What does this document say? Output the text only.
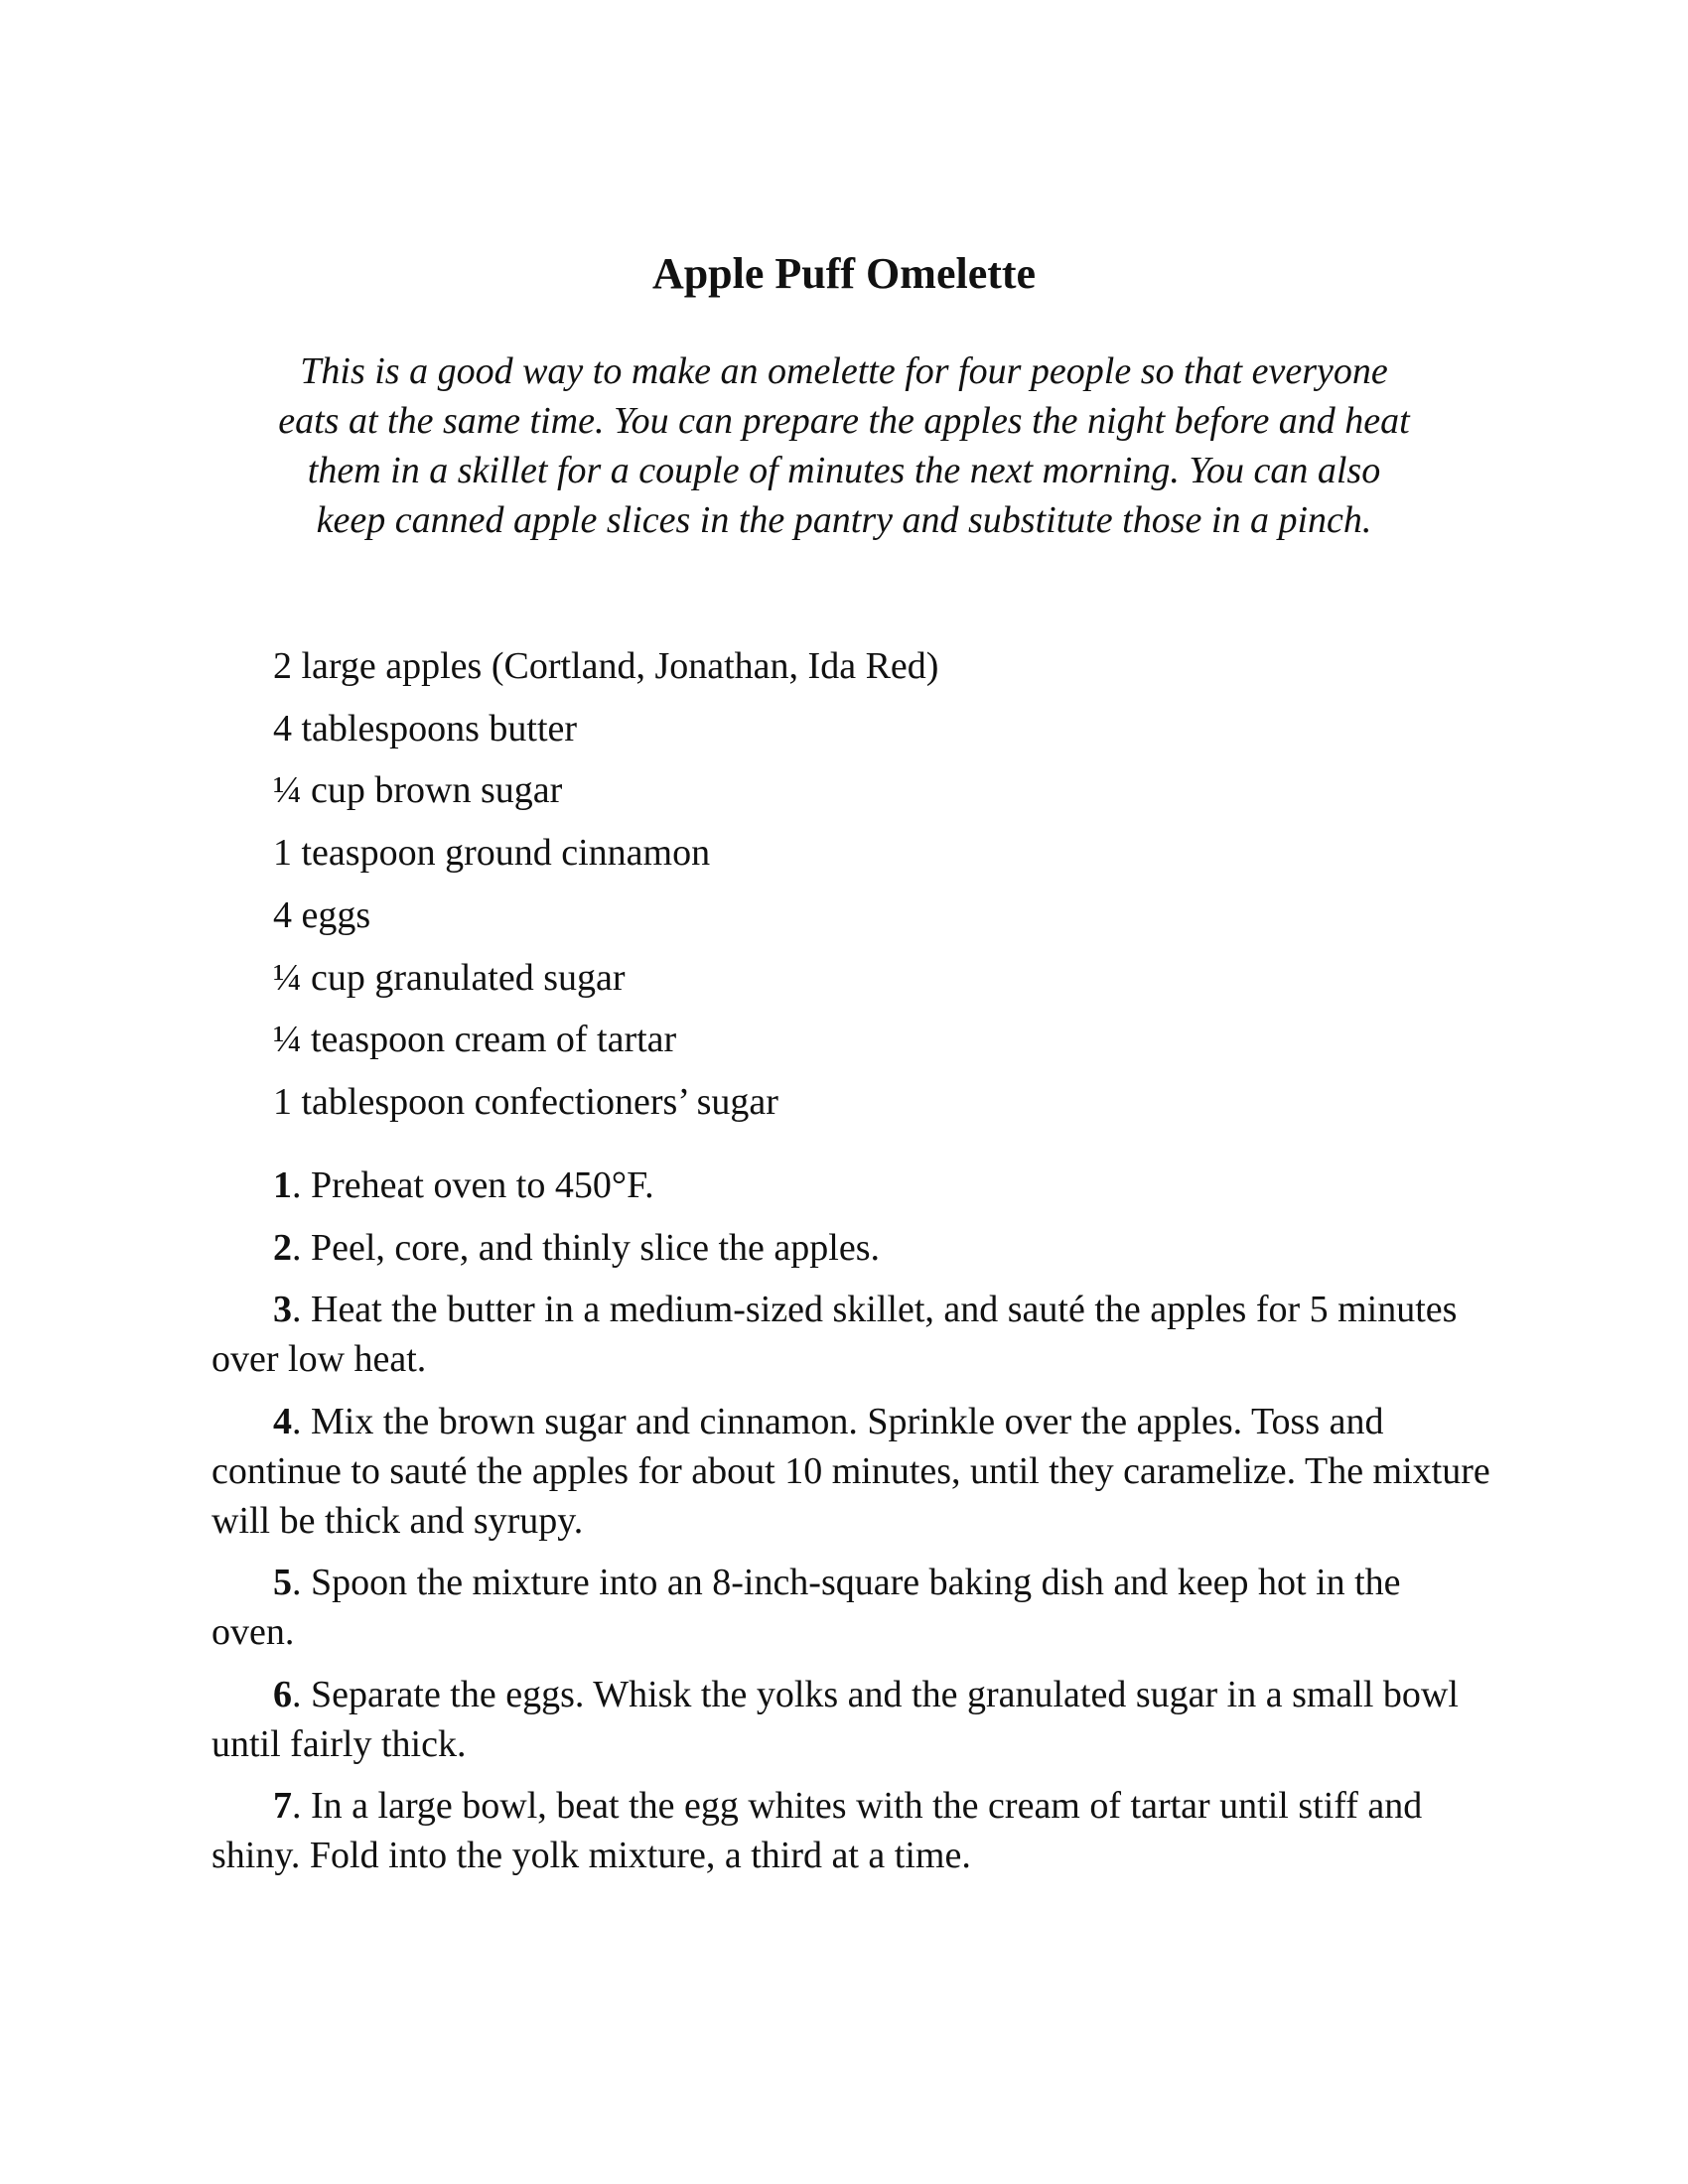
Apple Puff Omelette

This is a good way to make an omelette for four people so that everyone eats at the same time. You can prepare the apples the night before and heat them in a skillet for a couple of minutes the next morning. You can also keep canned apple slices in the pantry and substitute those in a pinch.

2 large apples (Cortland, Jonathan, Ida Red)
4 tablespoons butter
¼ cup brown sugar
1 teaspoon ground cinnamon
4 eggs
¼ cup granulated sugar
¼ teaspoon cream of tartar
1 tablespoon confectioners’ sugar
1. Preheat oven to 450°F.
2. Peel, core, and thinly slice the apples.
3. Heat the butter in a medium-sized skillet, and sauté the apples for 5 minutes over low heat.
4. Mix the brown sugar and cinnamon. Sprinkle over the apples. Toss and continue to sauté the apples for about 10 minutes, until they caramelize. The mixture will be thick and syrupy.
5. Spoon the mixture into an 8-inch-square baking dish and keep hot in the oven.
6. Separate the eggs. Whisk the yolks and the granulated sugar in a small bowl until fairly thick.
7. In a large bowl, beat the egg whites with the cream of tartar until stiff and shiny. Fold into the yolk mixture, a third at a time.
